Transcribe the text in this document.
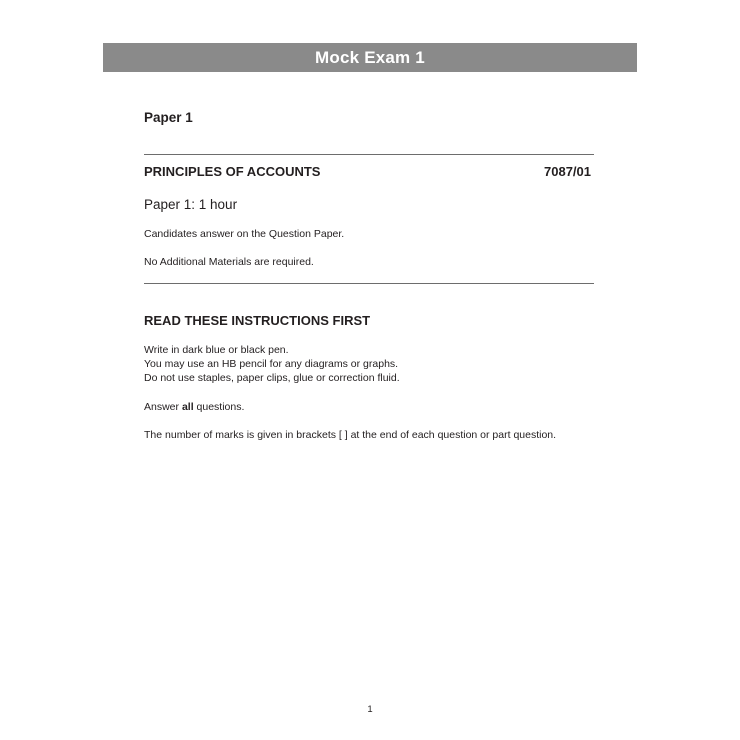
Mock Exam 1
Paper 1
PRINCIPLES OF ACCOUNTS	7087/01
Paper 1: 1 hour
Candidates answer on the Question Paper.
No Additional Materials are required.
READ THESE INSTRUCTIONS FIRST
Write in dark blue or black pen.
You may use an HB pencil for any diagrams or graphs.
Do not use staples, paper clips, glue or correction fluid.
Answer all questions.
The number of marks is given in brackets [ ] at the end of each question or part question.
1
